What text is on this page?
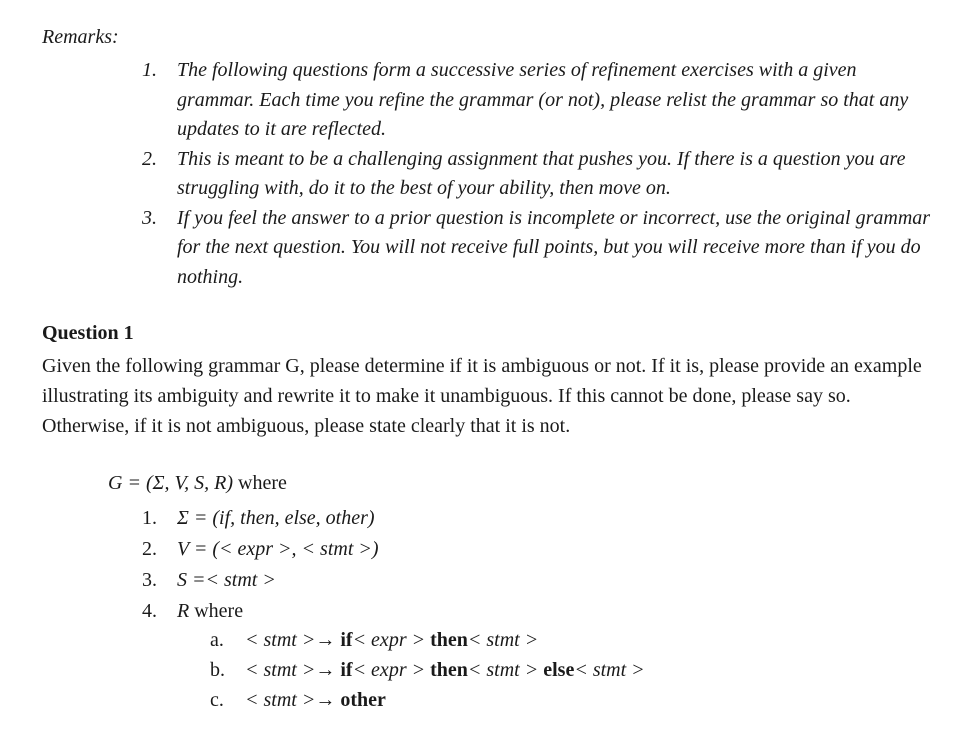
Remarks:
1.	The following questions form a successive series of refinement exercises with a given grammar. Each time you refine the grammar (or not), please relist the grammar so that any updates to it are reflected.
2.	This is meant to be a challenging assignment that pushes you. If there is a question you are struggling with, do it to the best of your ability, then move on.
3.	If you feel the answer to a prior question is incomplete or incorrect, use the original grammar for the next question. You will not receive full points, but you will receive more than if you do nothing.
Question 1
Given the following grammar G, please determine if it is ambiguous or not. If it is, please provide an example illustrating its ambiguity and rewrite it to make it unambiguous. If this cannot be done, please say so. Otherwise, if it is not ambiguous, please state clearly that it is not.
G = (Σ, V, S, R) where
1.	Σ = (if, then, else, other)
2.	V = (< expr >, < stmt >)
3.	S =< stmt >
4.	R where
a.	< stmt >→ if< expr > then< stmt >
b.	< stmt >→ if< expr > then< stmt > else< stmt >
c.	< stmt >→ other
